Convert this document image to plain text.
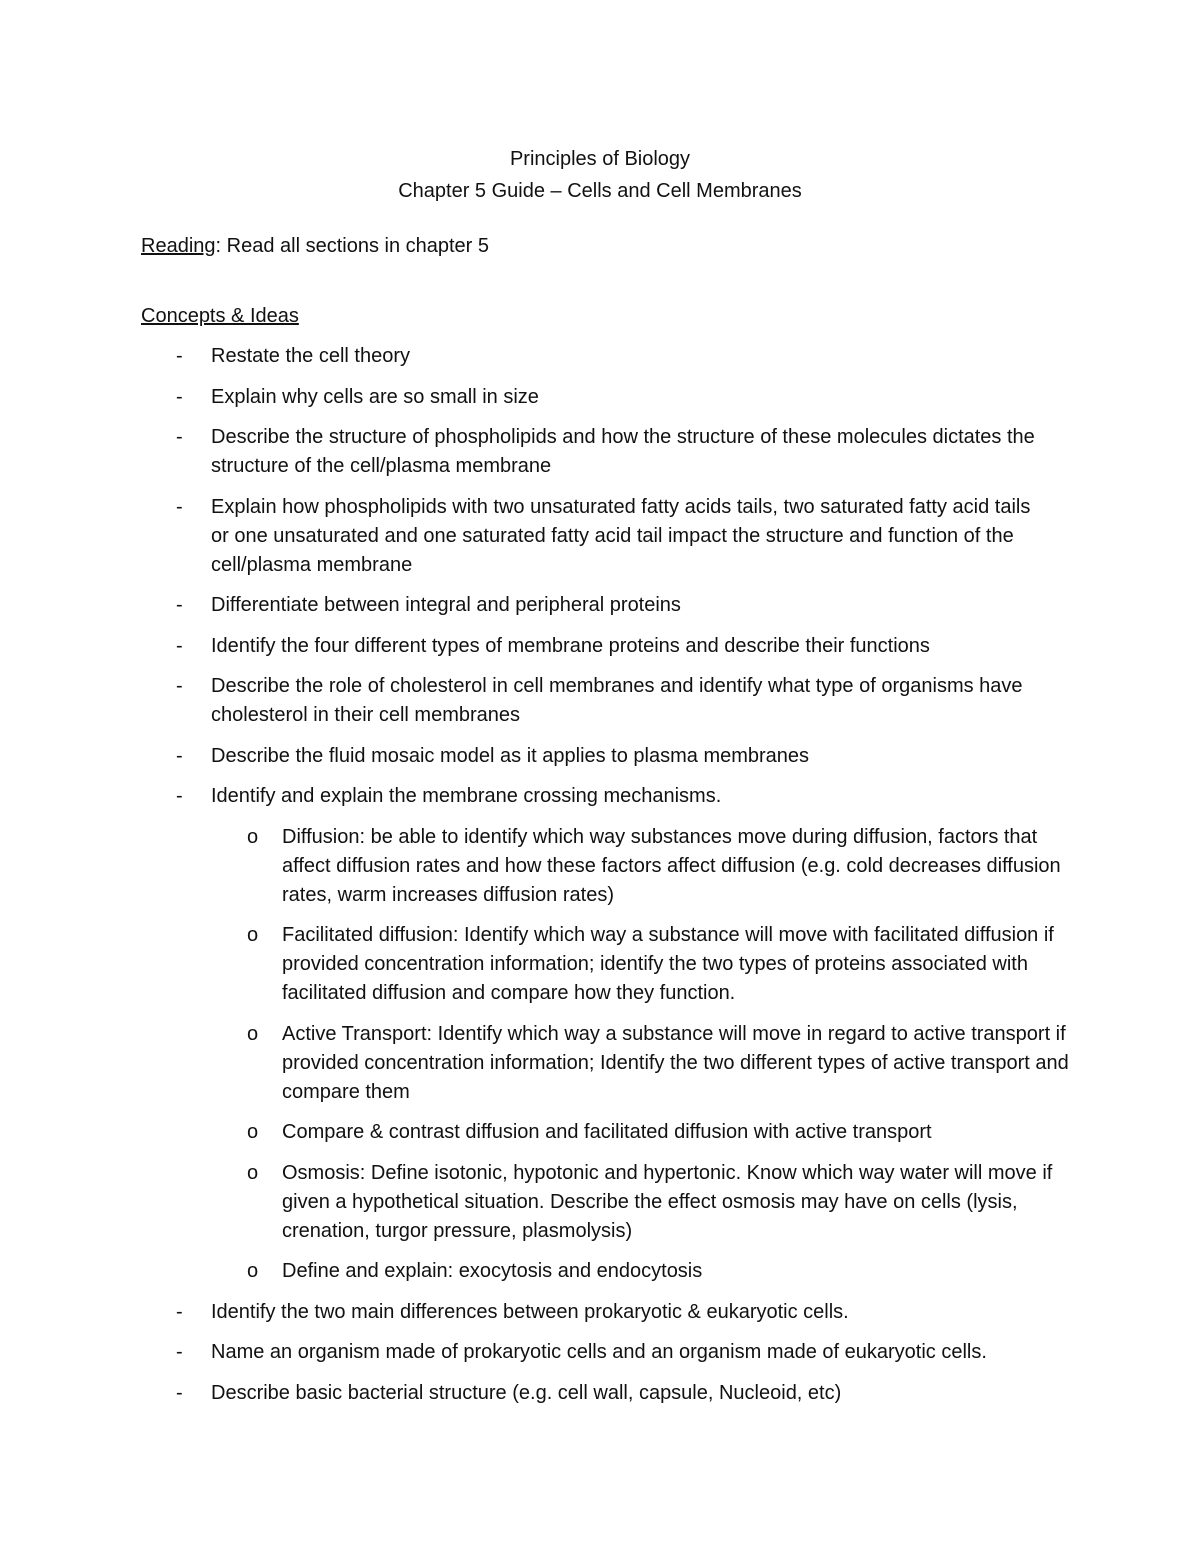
Principles of Biology
Chapter 5 Guide – Cells and Cell Membranes
Reading: Read all sections in chapter 5
Concepts & Ideas
- Restate the cell theory
- Explain why cells are so small in size
- Describe the structure of phospholipids and how the structure of these molecules dictates the structure of the cell/plasma membrane
- Explain how phospholipids with two unsaturated fatty acids tails, two saturated fatty acid tails or one unsaturated and one saturated fatty acid tail impact the structure and function of the cell/plasma membrane
- Differentiate between integral and peripheral proteins
- Identify the four different types of membrane proteins and describe their functions
- Describe the role of cholesterol in cell membranes and identify what type of organisms have cholesterol in their cell membranes
- Describe the fluid mosaic model as it applies to plasma membranes
- Identify and explain the membrane crossing mechanisms.
o Diffusion: be able to identify which way substances move during diffusion, factors that affect diffusion rates and how these factors affect diffusion (e.g. cold decreases diffusion rates, warm increases diffusion rates)
o Facilitated diffusion: Identify which way a substance will move with facilitated diffusion if provided concentration information; identify the two types of proteins associated with facilitated diffusion and compare how they function.
o Active Transport: Identify which way a substance will move in regard to active transport if provided concentration information; Identify the two different types of active transport and compare them
o Compare & contrast diffusion and facilitated diffusion with active transport
o Osmosis: Define isotonic, hypotonic and hypertonic. Know which way water will move if given a hypothetical situation. Describe the effect osmosis may have on cells (lysis, crenation, turgor pressure, plasmolysis)
o Define and explain: exocytosis and endocytosis
- Identify the two main differences between prokaryotic & eukaryotic cells.
- Name an organism made of prokaryotic cells and an organism made of eukaryotic cells.
- Describe basic bacterial structure (e.g. cell wall, capsule, Nucleoid, etc)
